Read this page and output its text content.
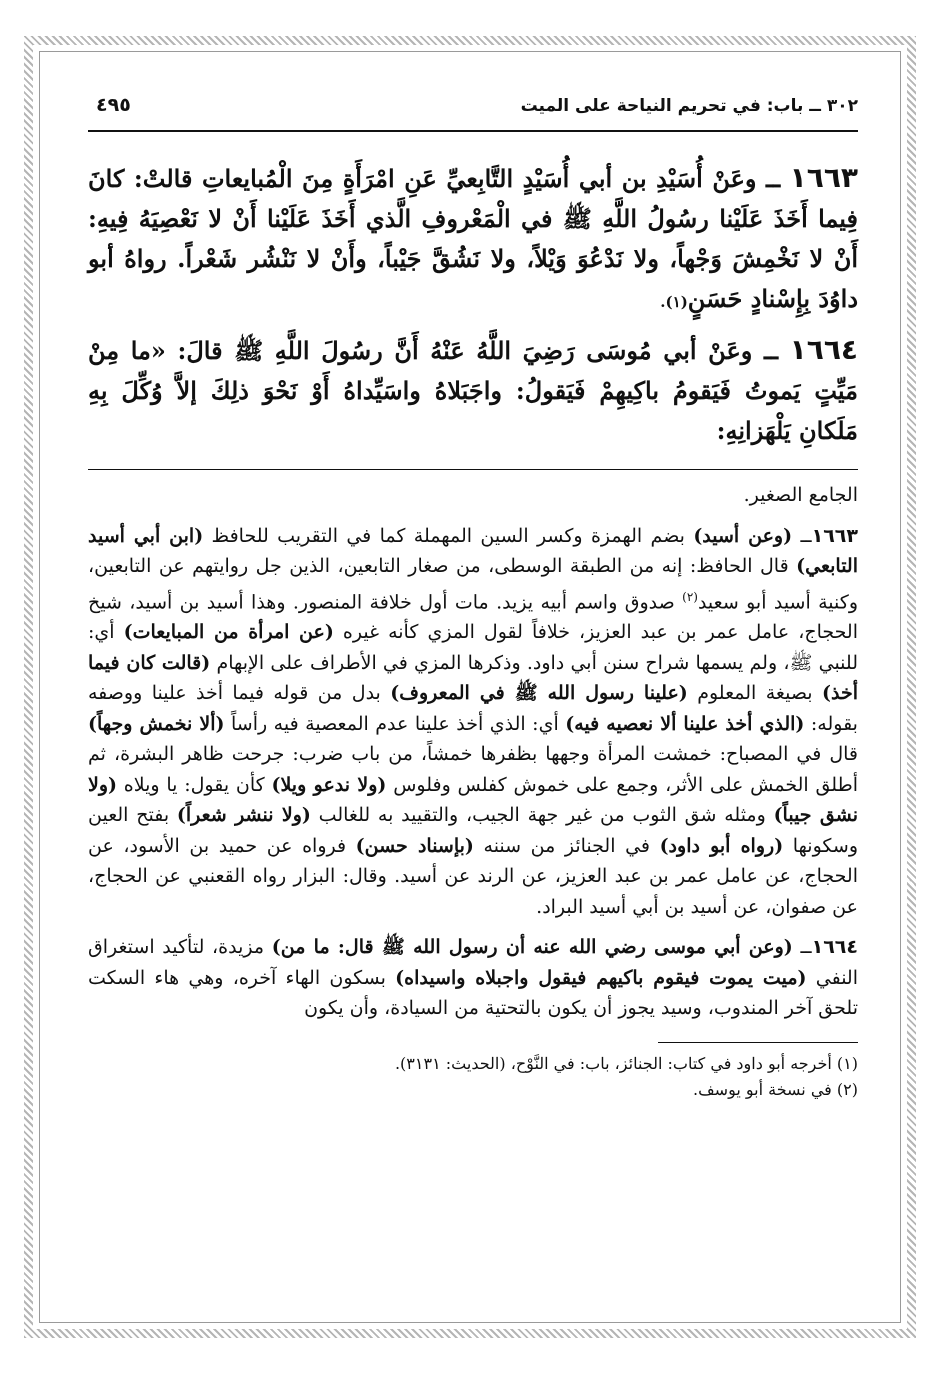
٣٠٢ ــ باب: في تحريم النياحة على الميت
٤٩٥

١٦٦٣ ــ وعَنْ أُسَيْدِ بن أبي أُسَيْدٍ التَّابِعيِّ عَنِ امْرَأَةٍ مِنَ الْمُبايعاتِ قالتْ: كانَ فِيما أَخَذَ عَلَيْنا رسُولُ اللَّهِ ﷺ في الْمَعْروفِ الَّذي أَخَذَ عَلَيْنا أَنْ لا نَعْصِيَهُ فِيهِ: أَنْ لا نَخْمِشَ وَجْهاً، ولا نَدْعُوَ وَيْلاً، ولا نَشُقَّ جَيْباً، وأَنْ لا نَنْشُر شَعْراً. رواهُ أبو داوُدَ بِإِسْنادٍ حَسَنٍ(١).

١٦٦٤ ــ وعَنْ أبي مُوسَى رَضِيَ اللَّهُ عَنْهُ أَنَّ رسُولَ اللَّهِ ﷺ قالَ: «ما مِنْ مَيِّتٍ يَموتُ فَيَقومُ باكِيهِمْ فَيَقولُ: واجَبَلاهُ واسَيِّداهُ أَوْ نَحْوَ ذلِكَ إلاَّ وُكِّلَ بِهِ مَلَكانِ يَلْهَزانِهِ:

الجامع الصغير.

١٦٦٣ــ (وعن أسيد) بضم الهمزة وكسر السين المهملة كما في التقريب للحافظ (ابن أبي أسيد التابعي) قال الحافظ: إنه من الطبقة الوسطى، من صغار التابعين، الذين جل روايتهم عن التابعين، وكنية أسيد أبو سعيد$^{(٢)}$ صدوق واسم أبيه يزيد. مات أول خلافة المنصور. وهذا أسيد بن أسيد، شيخ الحجاج، عامل عمر بن عبد العزيز، خلافاً لقول المزي كأنه غيره (عن امرأة من المبايعات) أي: للنبي ﷺ، ولم يسمها شراح سنن أبي داود. وذكرها المزي في الأطراف على الإبهام (قالت كان فيما أخذ) بصيغة المعلوم (علينا رسول الله ﷺ في المعروف) بدل من قوله فيما أخذ علينا ووصفه بقوله: (الذي أخذ علينا ألا نعصيه فيه) أي: الذي أخذ علينا عدم المعصية فيه رأساً (ألا نخمش وجهاً) قال في المصباح: خمشت المرأة وجهها بظفرها خمشاً، من باب ضرب: جرحت ظاهر البشرة، ثم أطلق الخمش على الأثر، وجمع على خموش كفلس وفلوس (ولا ندعو ويلا) كأن يقول: يا ويلاه (ولا نشق جيباً) ومثله شق الثوب من غير جهة الجيب، والتقييد به للغالب (ولا ننشر شعراً) بفتح العين وسكونها (رواه أبو داود) في الجنائز من سننه (بإسناد حسن) فرواه عن حميد بن الأسود، عن الحجاج، عن عامل عمر بن عبد العزيز، عن الرند عن أسيد. وقال: البزار رواه القعنبي عن الحجاج، عن صفوان، عن أسيد بن أبي أسيد البراد.

١٦٦٤ــ (وعن أبي موسى رضي الله عنه أن رسول الله ﷺ قال: ما من) مزيدة، لتأكيد استغراق النفي (ميت يموت فيقوم باكيهم فيقول واجبلاه واسيداه) بسكون الهاء آخره، وهي هاء السكت تلحق آخر المندوب، وسيد يجوز أن يكون بالتحتية من السيادة، وأن يكون

(١) أخرجه أبو داود في كتاب: الجنائز، باب: في النَّوْح، (الحديث: ٣١٣١).
(٢) في نسخة أبو يوسف.
